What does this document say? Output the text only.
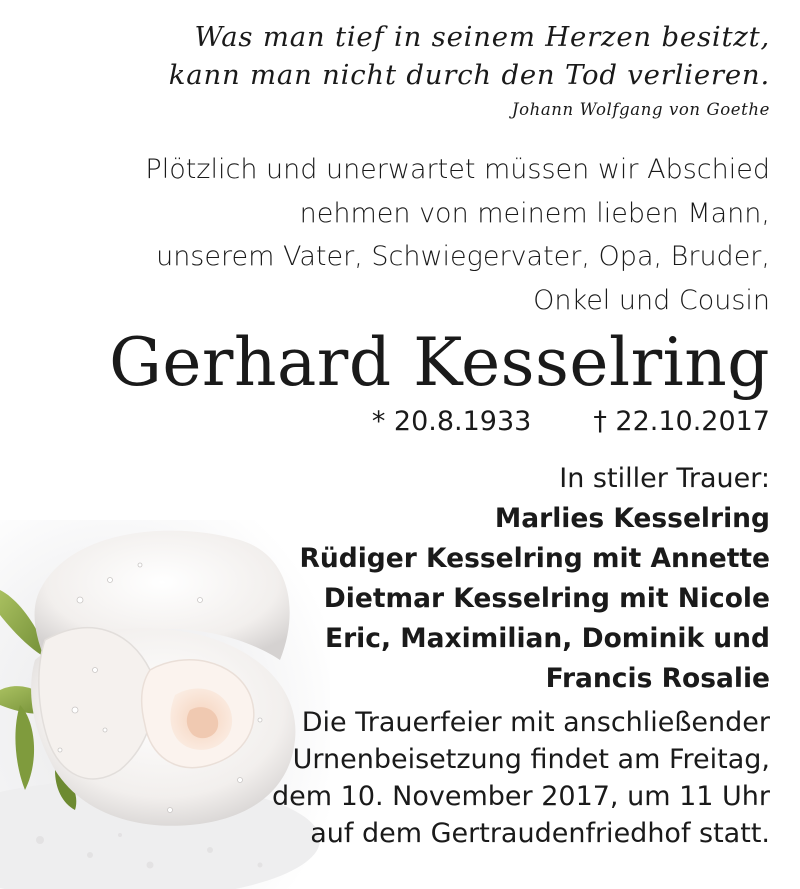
Was man tief in seinem Herzen besitzt,
kann man nicht durch den Tod verlieren.
Johann Wolfgang von Goethe
Plötzlich und unerwartet müssen wir Abschied
nehmen von meinem lieben Mann,
unserem Vater, Schwiegervater, Opa, Bruder,
Onkel und Cousin
Gerhard Kesselring
* 20.8.1933 † 22.10.2017
In stiller Trauer:
Marlies Kesselring
Rüdiger Kesselring mit Annette
Dietmar Kesselring mit Nicole
Eric, Maximilian, Dominik und
Francis Rosalie
Die Trauerfeier mit anschließender
Urnenbeisetzung findet am Freitag,
dem 10. November 2017, um 11 Uhr
auf dem Gertraudenfriedhof statt.
